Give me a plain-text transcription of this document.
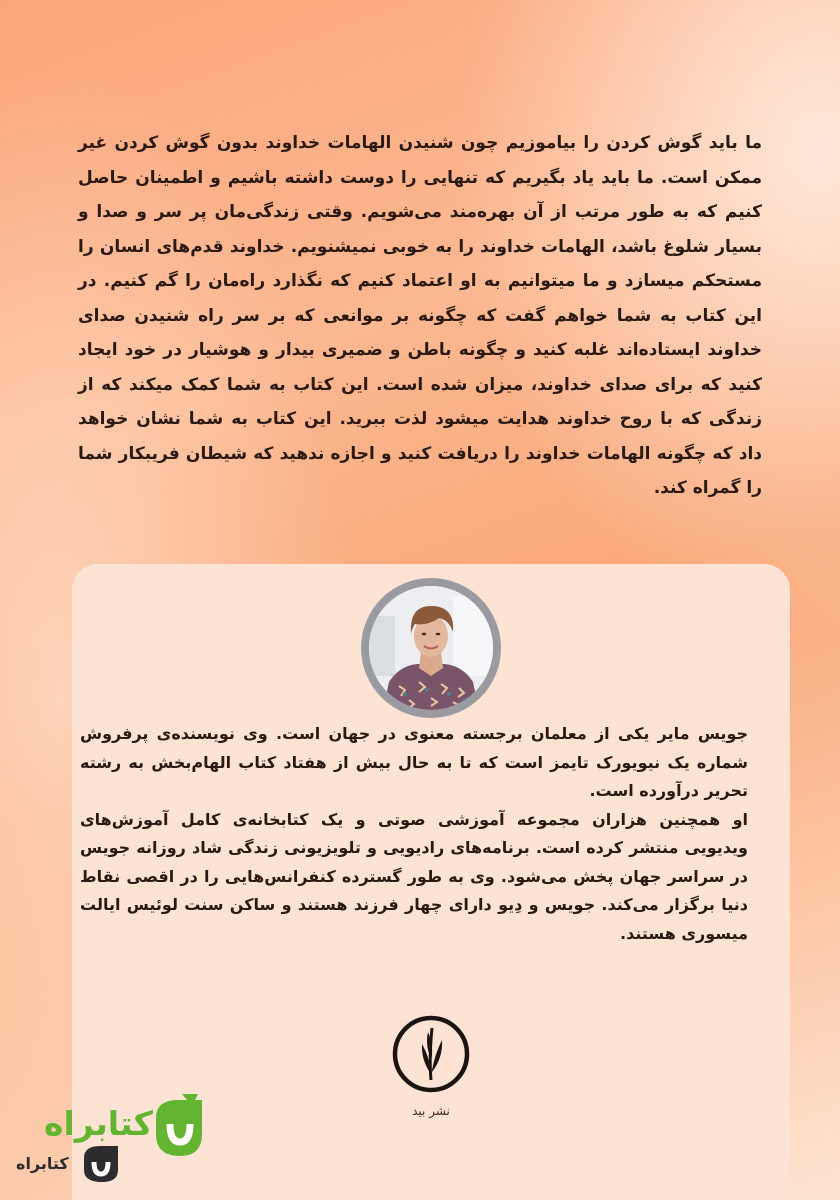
ما باید گوش کردن را بیاموزیم چون شنیدن الهامات خداوند بدون گوش کردن غیر ممکن است. ما باید یاد بگیریم که تنهایی را دوست داشته باشیم و اطمینان حاصل کنیم که به طور مرتب از آن بهره‌مند می‌شویم. وقتی زندگی‌مان پر سر و صدا و بسیار شلوغ باشد، الهامات خداوند را به خوبی نمیشنویم. خداوند قدم‌های انسان را مستحکم میسازد و ما میتوانیم به او اعتماد کنیم که نگذارد راه‌مان را گم کنیم. در این کتاب به شما خواهم گفت که چگونه بر موانعی که بر سر راه شنیدن صدای خداوند ایستاده‌اند غلبه کنید و چگونه باطن و ضمیری بیدار و هوشیار در خود ایجاد کنید که برای صدای خداوند، میزان شده است. این کتاب به شما کمک میکند که از زندگی که با روح خداوند هدایت میشود لذت ببرید. این کتاب به شما نشان خواهد داد که چگونه الهامات خداوند را دریافت کنید و اجازه ندهید که شیطان فریبکار شما را گمراه کند.

جویس مایر یکی از معلمان برجسته معنوی در جهان است. وی نویسنده‌ی پرفروش شماره یک نیویورک تایمز است که تا به حال بیش از هفتاد کتاب الهام‌بخش به رشته تحریر درآورده است.

او همچنین هزاران مجموعه آموزشی صوتی و یک کتابخانه‌ی کامل آموزش‌های ویدیویی منتشر کرده است. برنامه‌های رادیویی و تلویزیونی زندگی شاد روزانه جویس در سراسر جهان پخش می‌شود. وی به طور گسترده کنفرانس‌هایی را در اقصی نقاط دنیا برگزار می‌کند. جویس و دِیو دارای چهار فرزند هستند و ساکن سنت لوئیس ایالت میسوری هستند.

نشر بید
کتابراه
کتابراه
